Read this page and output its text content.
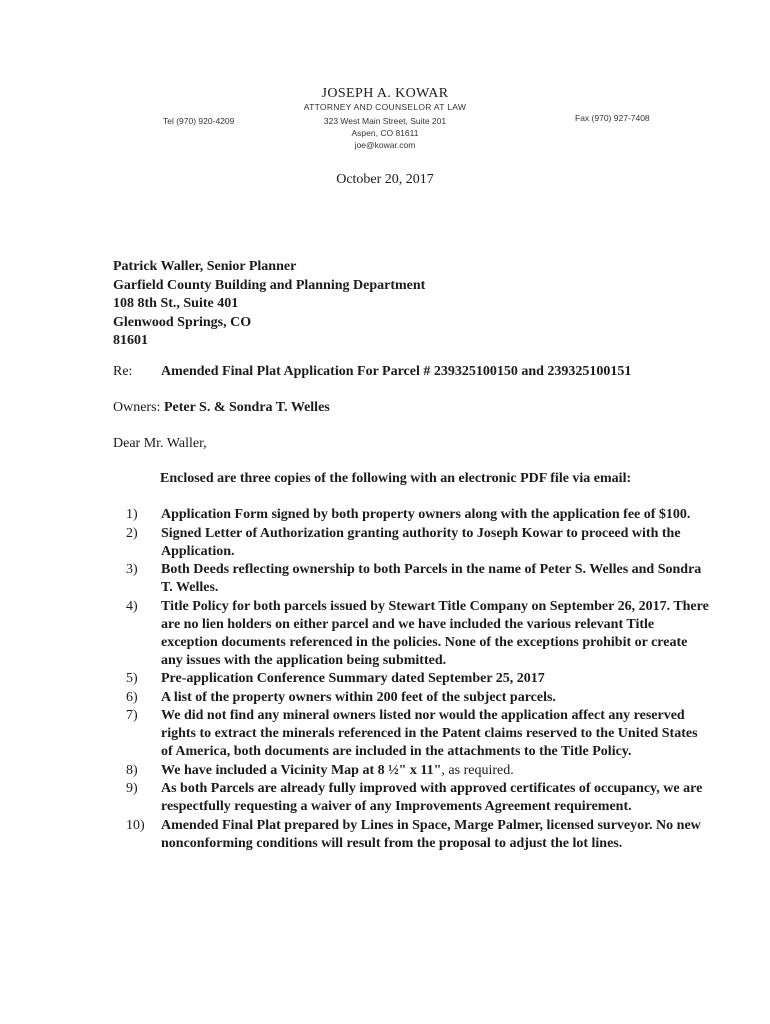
JOSEPH A. KOWAR
ATTORNEY AND COUNSELOR AT LAW
Tel (970) 920-4209	323 West Main Street, Suite 201	Fax (970) 927-7408
Aspen, CO 81611
joe@kowar.com
October 20, 2017
Patrick Waller, Senior Planner
Garfield County Building and Planning Department
108 8th St., Suite 401
Glenwood Springs, CO
81601
Re: Amended Final Plat Application For Parcel # 239325100150 and 239325100151
Owners: Peter S. & Sondra T. Welles
Dear Mr. Waller,
Enclosed are three copies of the following with an electronic PDF file via email:
1) Application Form signed by both property owners along with the application fee of $100.
2) Signed Letter of Authorization granting authority to Joseph Kowar to proceed with the Application.
3) Both Deeds reflecting ownership to both Parcels in the name of Peter S. Welles and Sondra T. Welles.
4) Title Policy for both parcels issued by Stewart Title Company on September 26, 2017. There are no lien holders on either parcel and we have included the various relevant Title exception documents referenced in the policies. None of the exceptions prohibit or create any issues with the application being submitted.
5) Pre-application Conference Summary dated September 25, 2017
6) A list of the property owners within 200 feet of the subject parcels.
7) We did not find any mineral owners listed nor would the application affect any reserved rights to extract the minerals referenced in the Patent claims reserved to the United States of America, both documents are included in the attachments to the Title Policy.
8) We have included a Vicinity Map at 8 ½" x 11", as required.
9) As both Parcels are already fully improved with approved certificates of occupancy, we are respectfully requesting a waiver of any Improvements Agreement requirement.
10) Amended Final Plat prepared by Lines in Space, Marge Palmer, licensed surveyor. No new nonconforming conditions will result from the proposal to adjust the lot lines.
